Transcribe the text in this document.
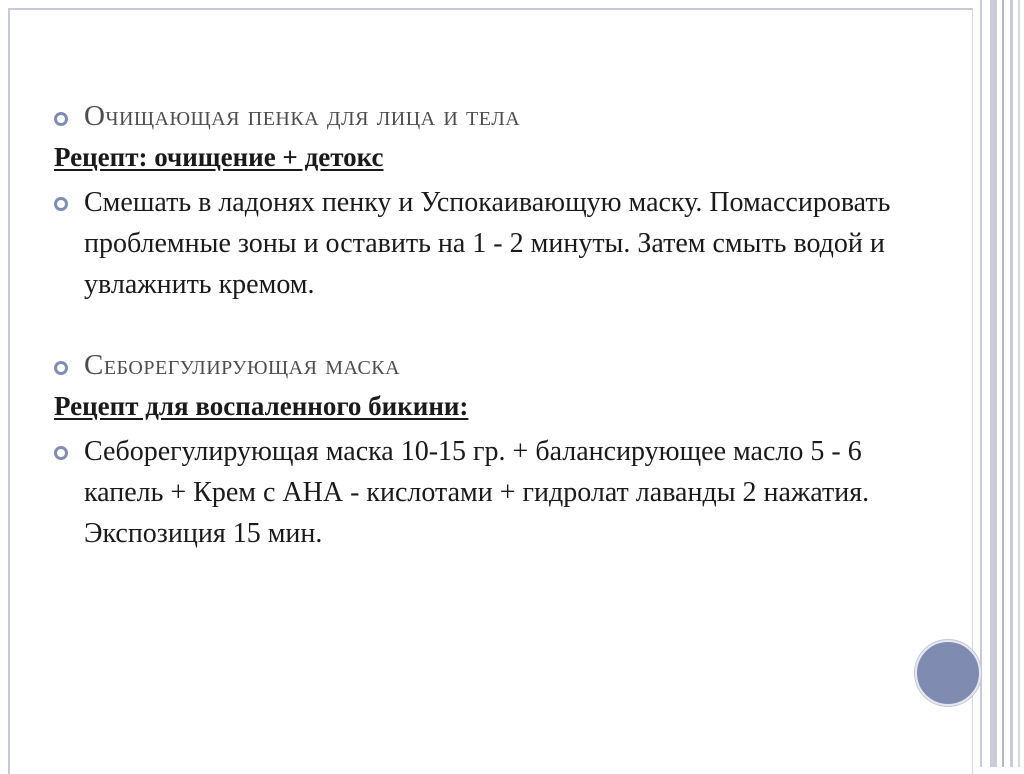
Очищающая пенка для лица и тела
Рецепт: очищение + детокс
Смешать в ладонях пенку и Успокаивающую маску. Помассировать проблемные зоны и оставить на 1 - 2 минуты. Затем смыть водой и увлажнить кремом.
Себорегулирующая маска
Рецепт для воспаленного бикини:
Себорегулирующая маска 10-15 гр. + балансирующее масло 5 - 6 капель + Крем с АНА - кислотами + гидролат лаванды 2 нажатия. Экспозиция 15 мин.
